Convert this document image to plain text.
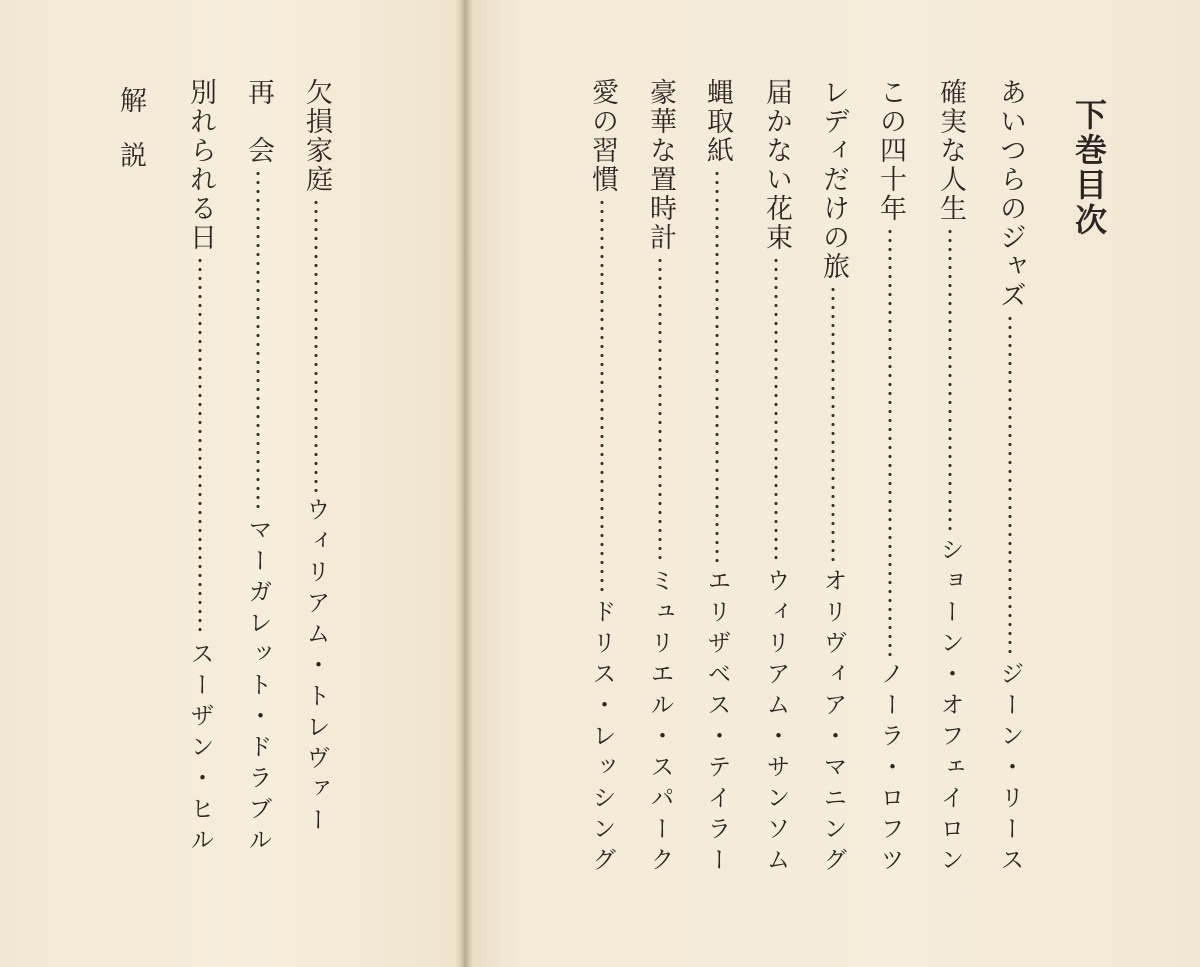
下巻目次
あいつらのジャズ
ジーン・リース
確実な人生
ショーン・オフェイロン
この四十年
ノーラ・ロフツ
レディだけの旅
オリヴィア・マニング
届かない花束
ウィリアム・サンソム
蝿取紙
エリザベス・テイラー
豪華な置時計
ミュリエル・スパーク
愛の習慣
ドリス・レッシング
欠損家庭
ウィリアム・トレヴァー
再　会
マーガレット・ドラブル
別れられる日
スーザン・ヒル
解説
